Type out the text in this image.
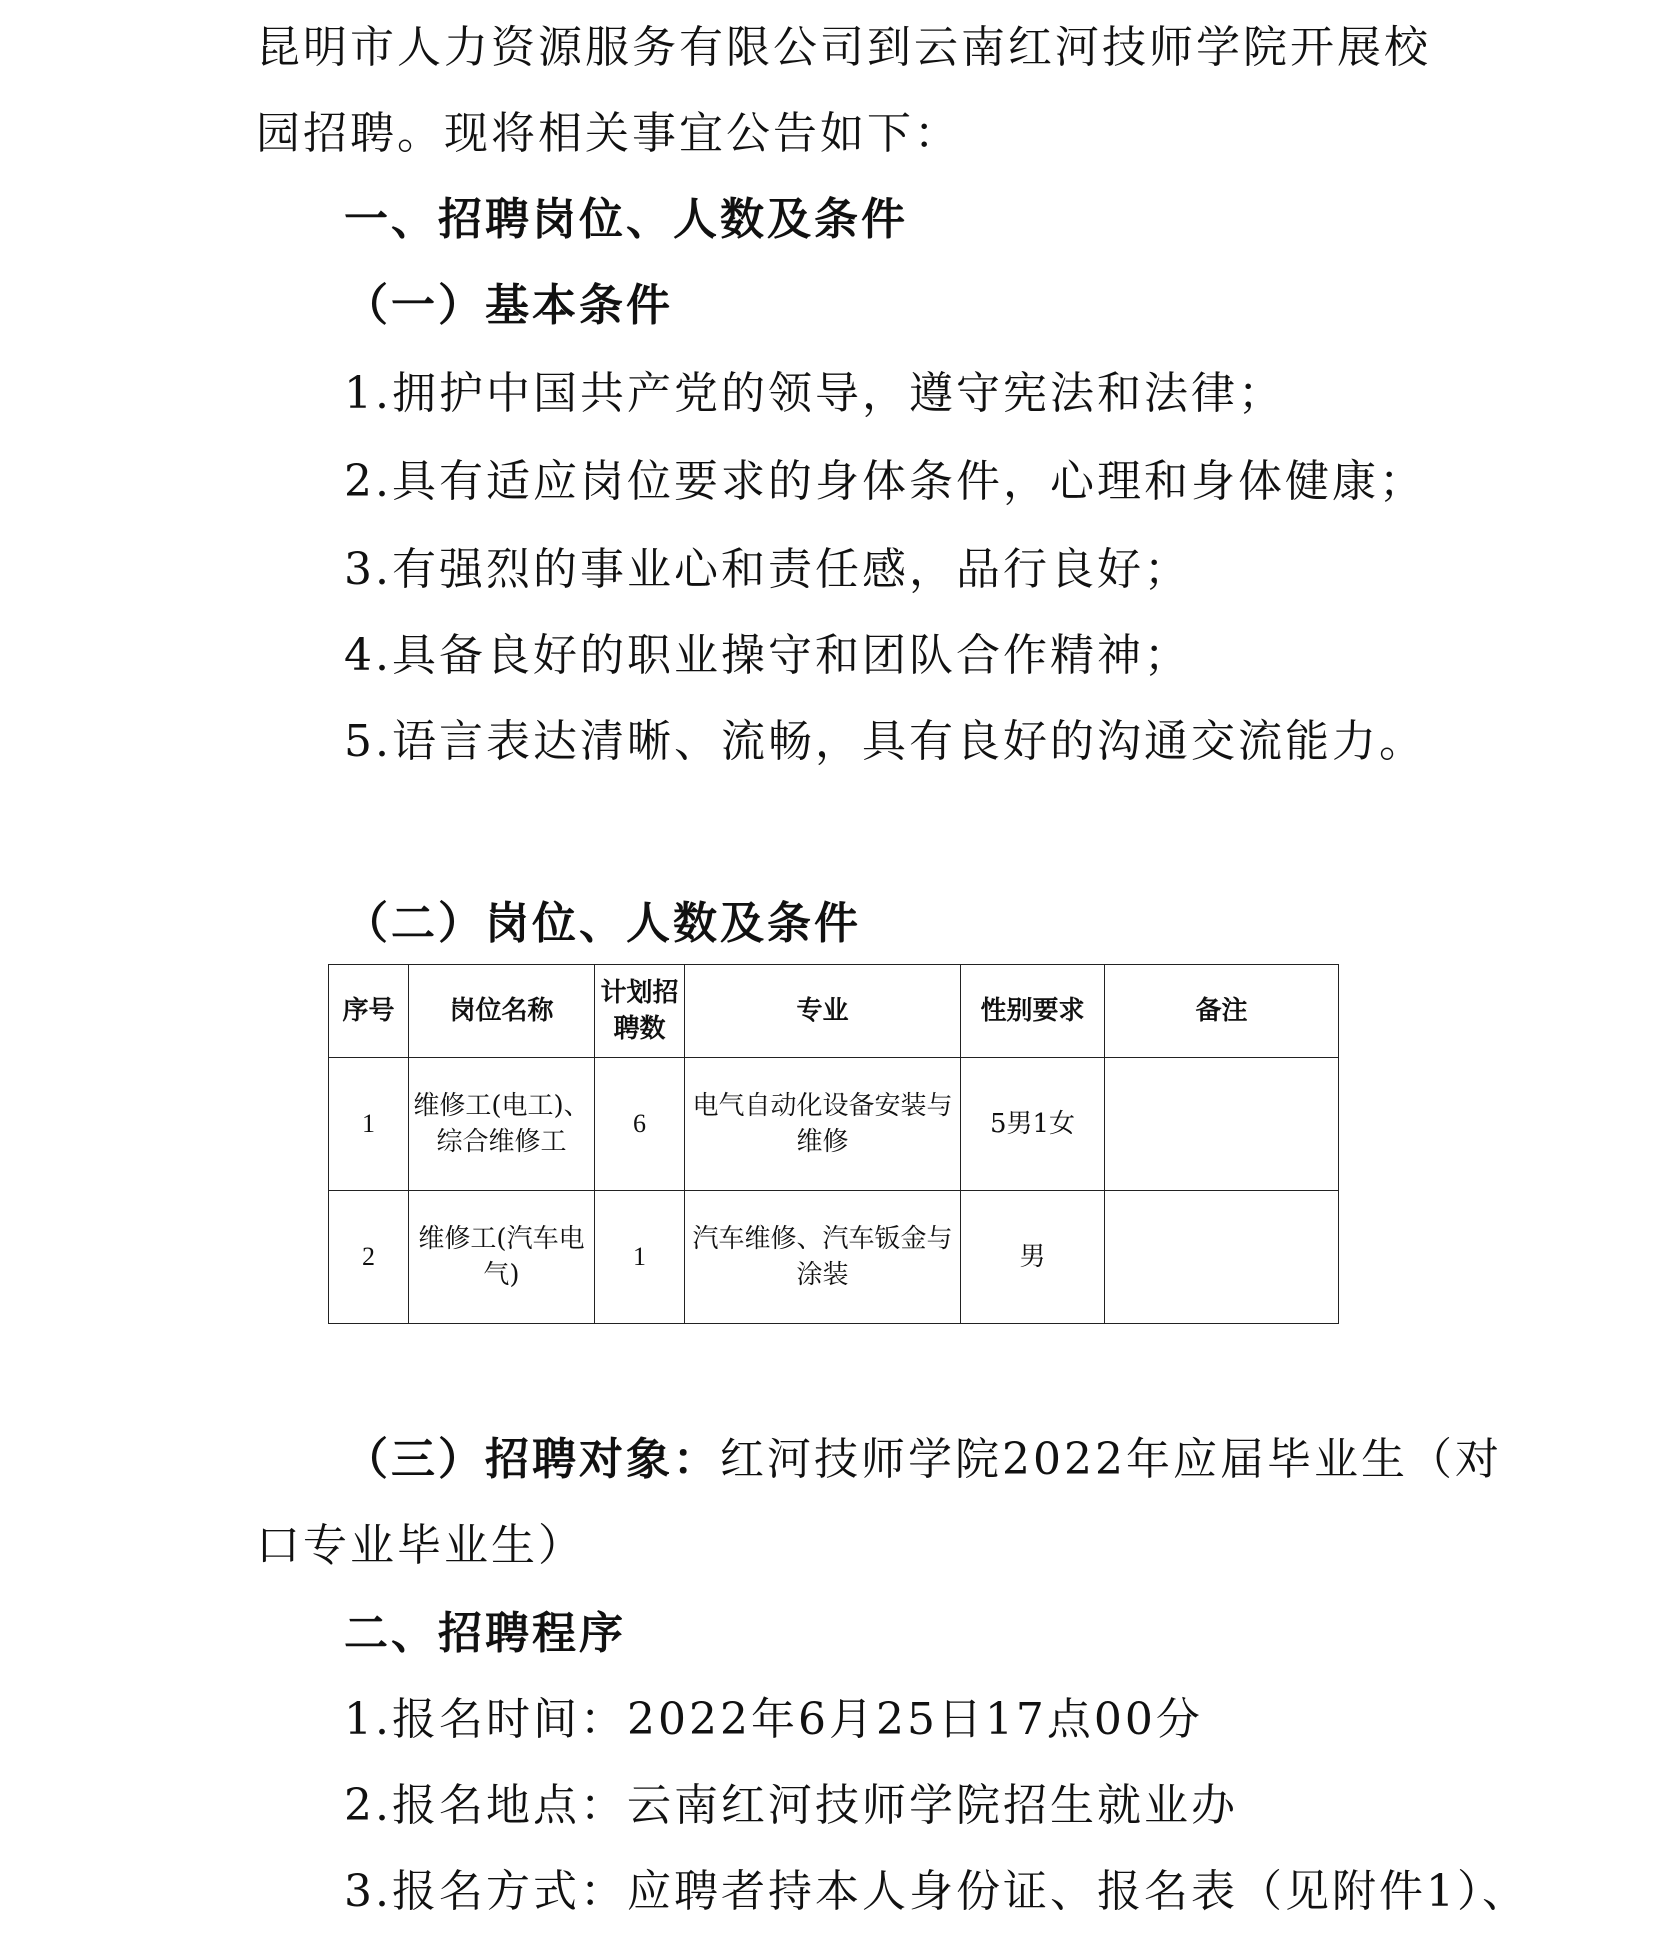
昆明市人力资源服务有限公司到云南红河技师学院开展校
园招聘。现将相关事宜公告如下：
一、招聘岗位、人数及条件
（一）基本条件
1.拥护中国共产党的领导，遵守宪法和法律；
2.具有适应岗位要求的身体条件，心理和身体健康；
3.有强烈的事业心和责任感，品行良好；
4.具备良好的职业操守和团队合作精神；
5.语言表达清晰、流畅，具有良好的沟通交流能力。
（二）岗位、人数及条件
序号	岗位名称	计划招聘数	专业	性别要求	备注
1	维修工(电工)、综合维修工	6	电气自动化设备安装与维修	5男1女	
2	维修工(汽车电气)	1	汽车维修、汽车钣金与涂装	男	
（三）招聘对象：红河技师学院2022年应届毕业生（对
口专业毕业生）
二、招聘程序
1.报名时间：2022年6月25日17点00分
2.报名地点：云南红河技师学院招生就业办
3.报名方式：应聘者持本人身份证、报名表（见附件1）、
